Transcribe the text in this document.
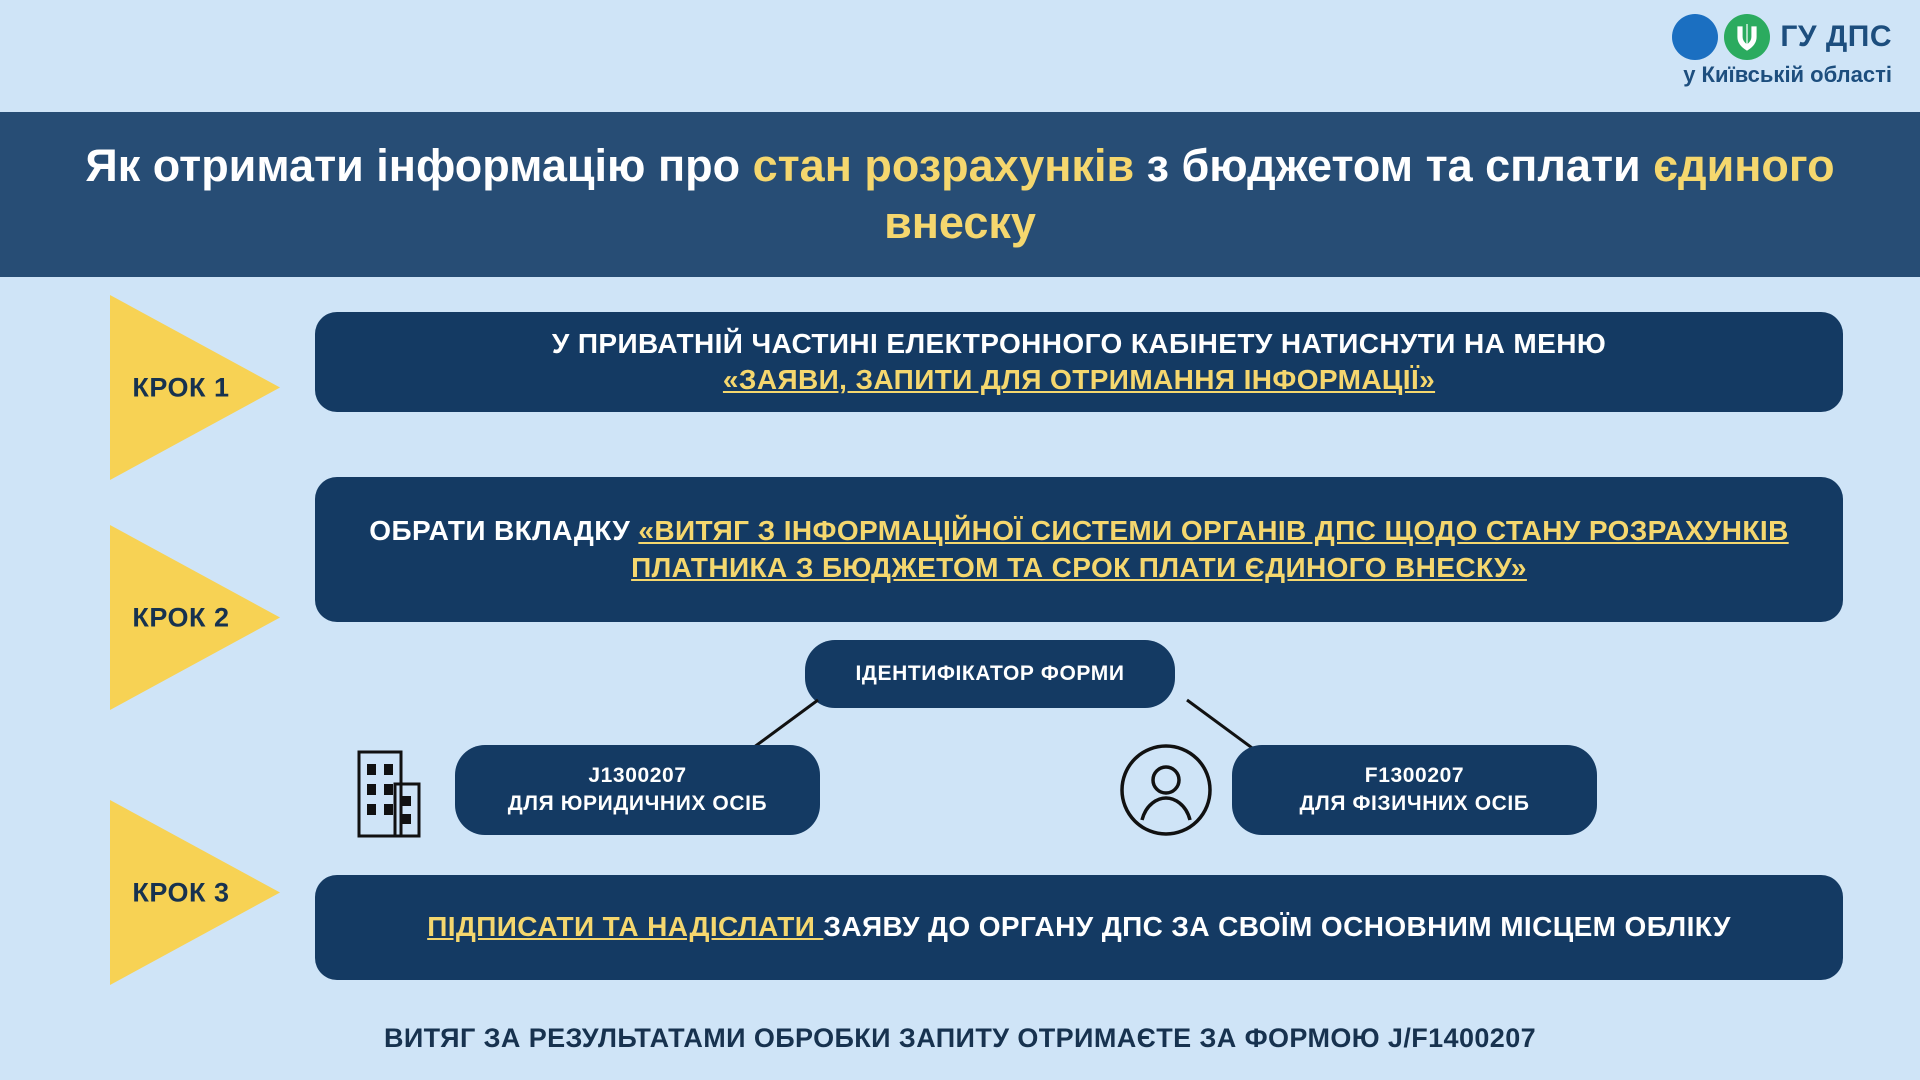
ГУ ДПС
у Київській області
Як отримати інформацію про стан розрахунків з бюджетом та сплати єдиного внеску
КРОК 1
У ПРИВАТНІЙ ЧАСТИНІ ЕЛЕКТРОННОГО КАБІНЕТУ НАТИСНУТИ НА МЕНЮ
«ЗАЯВИ, ЗАПИТИ ДЛЯ ОТРИМАННЯ ІНФОРМАЦІЇ»
КРОК 2
ОБРАТИ ВКЛАДКУ «ВИТЯГ З ІНФОРМАЦІЙНОЇ СИСТЕМИ ОРГАНІВ ДПС ЩОДО СТАНУ РОЗРАХУНКІВ ПЛАТНИКА З БЮДЖЕТОМ ТА СРОК ПЛАТИ ЄДИНОГО ВНЕСКУ»
ІДЕНТИФІКАТОР ФОРМИ
J1300207
ДЛЯ ЮРИДИЧНИХ ОСІБ
F1300207
ДЛЯ ФІЗИЧНИХ ОСІБ
КРОК 3
ПІДПИСАТИ ТА НАДІСЛАТИ ЗАЯВУ ДО ОРГАНУ ДПС ЗА СВОЇМ ОСНОВНИМ МІСЦЕМ ОБЛІКУ
ВИТЯГ ЗА РЕЗУЛЬТАТАМИ ОБРОБКИ ЗАПИТУ ОТРИМАЄТЕ ЗА ФОРМОЮ J/F1400207
